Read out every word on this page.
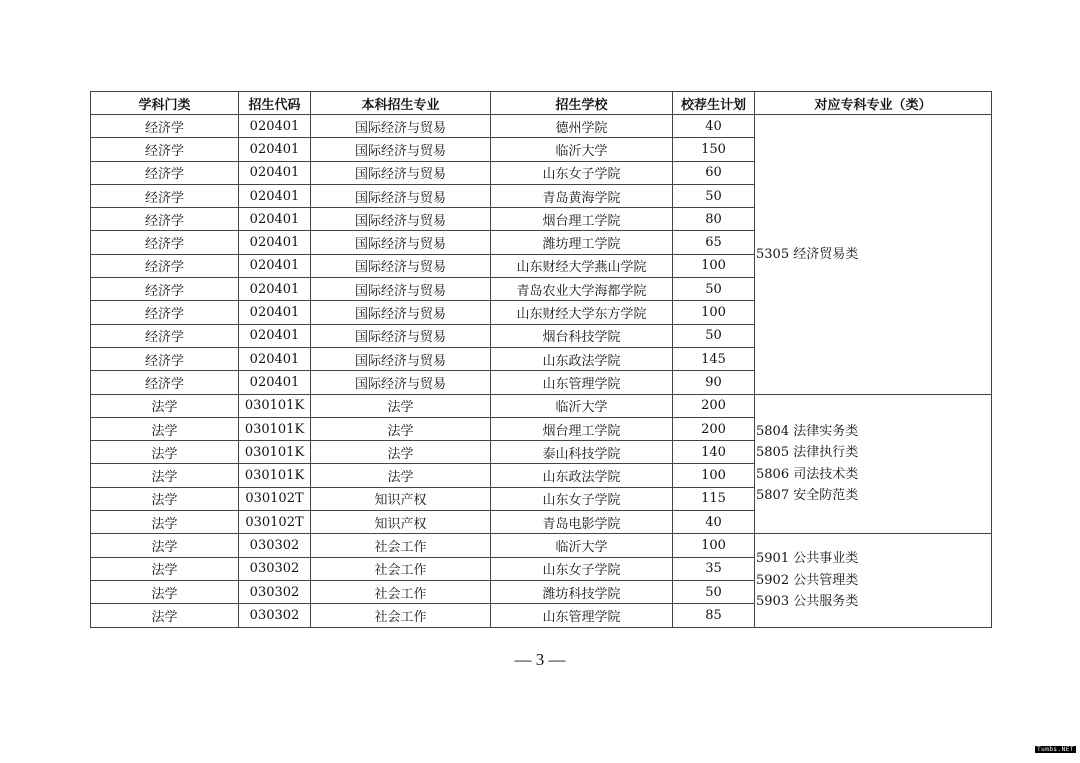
学科门类	招生代码	本科招生专业	招生学校	校荐生计划	对应专科专业（类）
经济学	020401	国际经济与贸易	德州学院	40	5305 经济贸易类

经济学	020401	国际经济与贸易	临沂大学	150	
经济学	020401	国际经济与贸易	山东女子学院	60	
经济学	020401	国际经济与贸易	青岛黄海学院	50	
经济学	020401	国际经济与贸易	烟台理工学院	80	
经济学	020401	国际经济与贸易	潍坊理工学院	65	
经济学	020401	国际经济与贸易	山东财经大学燕山学院	100	
经济学	020401	国际经济与贸易	青岛农业大学海都学院	50	
经济学	020401	国际经济与贸易	山东财经大学东方学院	100	
经济学	020401	国际经济与贸易	烟台科技学院	50	
经济学	020401	国际经济与贸易	山东政法学院	145	
经济学	020401	国际经济与贸易	山东管理学院	90	
法学	030101K	法学	临沂大学	200	5804 法律实务类
5805 法律执行类
5806 司法技术类
5807 安全防范类

法学	030101K	法学	烟台理工学院	200	
法学	030101K	法学	泰山科技学院	140	
法学	030101K	法学	山东政法学院	100	
法学	030102T	知识产权	山东女子学院	115	
法学	030102T	知识产权	青岛电影学院	40	
法学	030302	社会工作	临沂大学	100	5901 公共事业类
5902 公共管理类
5903 公共服务类

法学	030302	社会工作	山东女子学院	35	
法学	030302	社会工作	潍坊科技学院	50	
法学	030302	社会工作	山东管理学院	85	
— 3 —
Tumbs.NET
